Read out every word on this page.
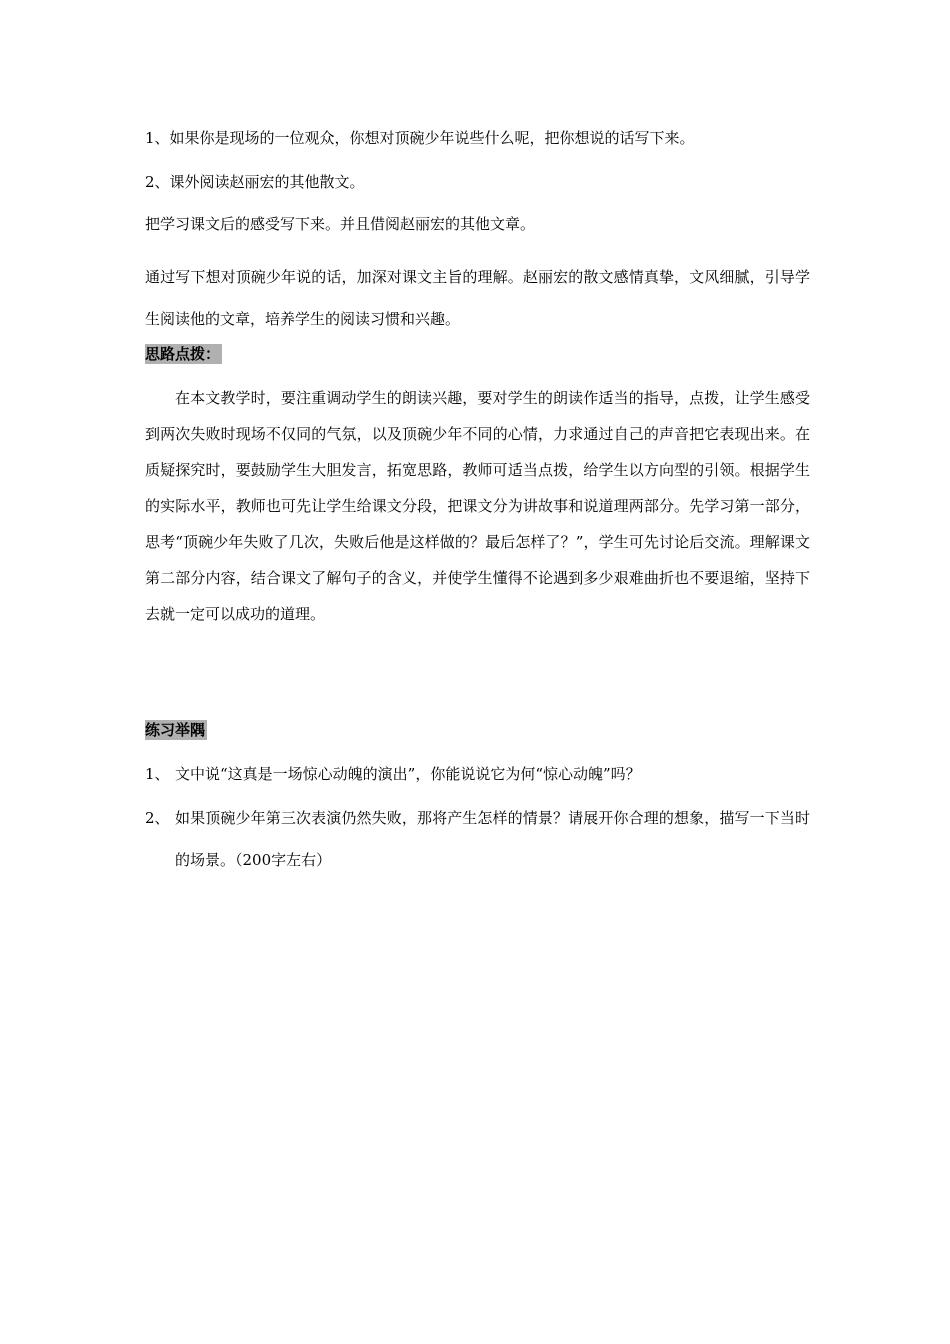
1、如果你是现场的一位观众，你想对顶碗少年说些什么呢，把你想说的话写下来。
2、课外阅读赵丽宏的其他散文。
把学习课文后的感受写下来。并且借阅赵丽宏的其他文章。
通过写下想对顶碗少年说的话，加深对课文主旨的理解。赵丽宏的散文感情真挚，文风细腻，引导学生阅读他的文章，培养学生的阅读习惯和兴趣。
思路点拨：
在本文教学时，要注重调动学生的朗读兴趣，要对学生的朗读作适当的指导，点拨，让学生感受到两次失败时现场不仅同的气氛，以及顶碗少年不同的心情，力求通过自己的声音把它表现出来。在质疑探究时，要鼓励学生大胆发言，拓宽思路，教师可适当点拨，给学生以方向型的引领。根据学生的实际水平，教师也可先让学生给课文分段，把课文分为讲故事和说道理两部分。先学习第一部分，思考“顶碗少年失败了几次，失败后他是这样做的？最后怎样了？”，学生可先讨论后交流。理解课文第二部分内容，结合课文了解句子的含义，并使学生懂得不论遇到多少艰难曲折也不要退缩，坚持下去就一定可以成功的道理。
练习举隅
1、 文中说“这真是一场惊心动魄的演出”，你能说说它为何“惊心动魄”吗？
2、 如果顶碗少年第三次表演仍然失败，那将产生怎样的情景？请展开你合理的想象，描写一下当时的场景。（200字左右）
